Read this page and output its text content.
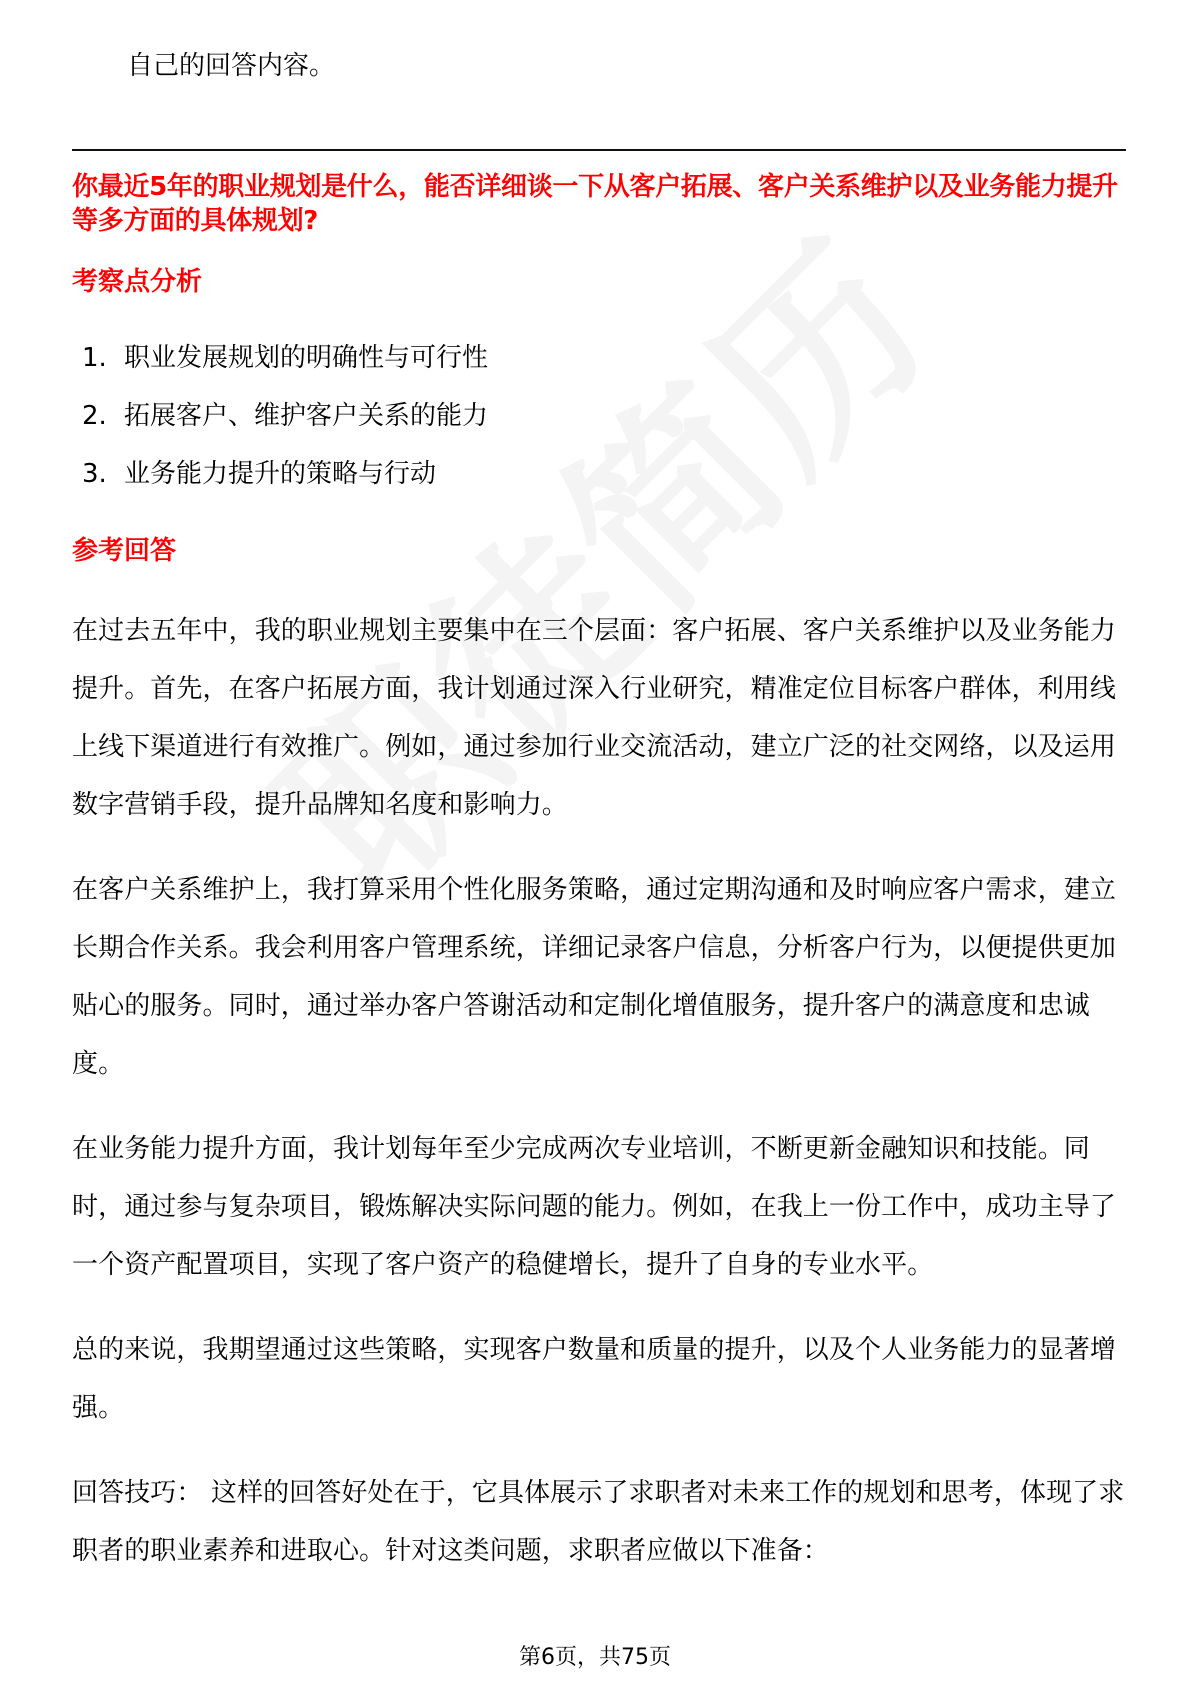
自己的回答内容。
你最近5年的职业规划是什么，能否详细谈一下从客户拓展、客户关系维护以及业务能力提升等多方面的具体规划?
考察点分析
1. 职业发展规划的明确性与可行性
2. 拓展客户、维护客户关系的能力
3. 业务能力提升的策略与行动
参考回答

在过去五年中，我的职业规划主要集中在三个层面：客户拓展、客户关系维护以及业务能力提升。首先，在客户拓展方面，我计划通过深入行业研究，精准定位目标客户群体，利用线上线下渠道进行有效推广。例如，通过参加行业交流活动，建立广泛的社交网络，以及运用数字营销手段，提升品牌知名度和影响力。

在客户关系维护上，我打算采用个性化服务策略，通过定期沟通和及时响应客户需求，建立长期合作关系。我会利用客户管理系统，详细记录客户信息，分析客户行为，以便提供更加贴心的服务。同时，通过举办客户答谢活动和定制化增值服务，提升客户的满意度和忠诚度。

在业务能力提升方面，我计划每年至少完成两次专业培训，不断更新金融知识和技能。同时，通过参与复杂项目，锻炼解决实际问题的能力。例如，在我上一份工作中，成功主导了一个资产配置项目，实现了客户资产的稳健增长，提升了自身的专业水平。

总的来说，我期望通过这些策略，实现客户数量和质量的提升，以及个人业务能力的显著增强。

回答技巧： 这样的回答好处在于，它具体展示了求职者对未来工作的规划和思考，体现了求职者的职业素养和进取心。针对这类问题，求职者应做以下准备：

第6页，共75页
